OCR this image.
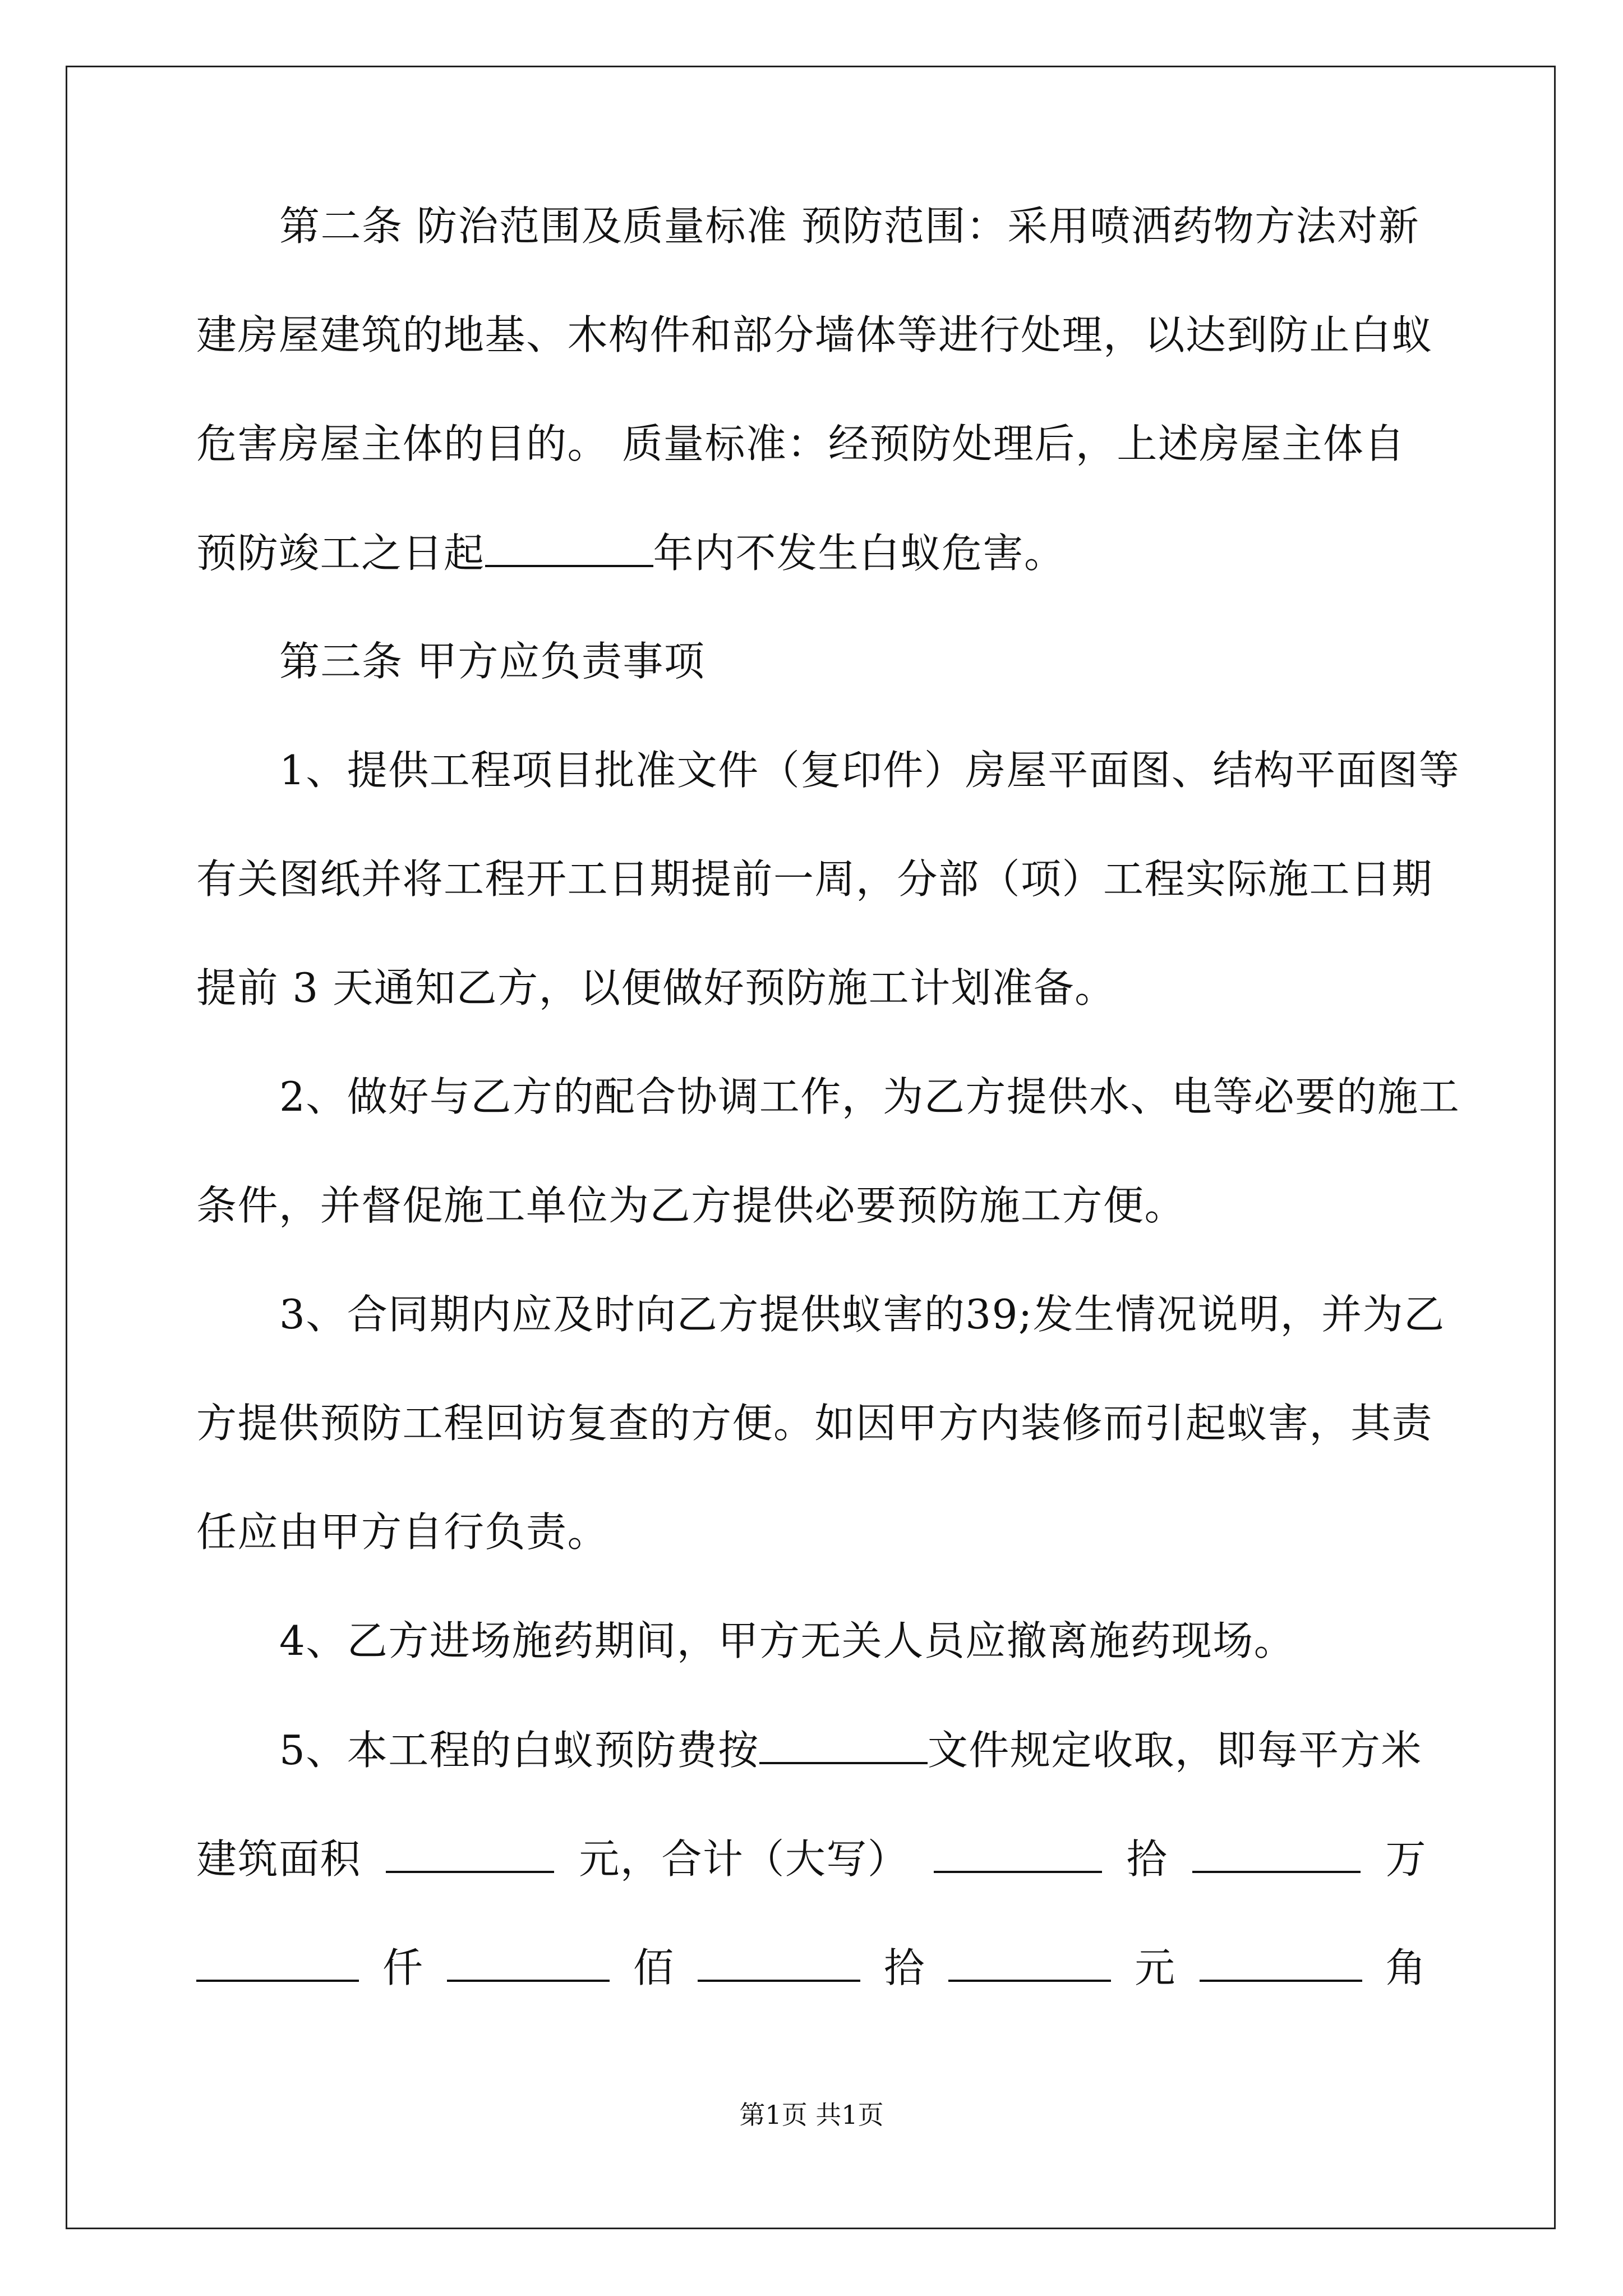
第二条 防治范围及质量标准 预防范围：采用喷洒药物方法对新
建房屋建筑的地基、木构件和部分墙体等进行处理，以达到防止白蚁
危害房屋主体的目的。 质量标准：经预防处理后，上述房屋主体自
预防竣工之日起	年内不发生白蚁危害。
第三条 甲方应负责事项
1、提供工程项目批准文件（复印件）房屋平面图、结构平面图等
有关图纸并将工程开工日期提前一周，分部（项）工程实际施工日期
提前 3 天通知乙方，以便做好预防施工计划准备。
2、做好与乙方的配合协调工作，为乙方提供水、电等必要的施工
条件，并督促施工单位为乙方提供必要预防施工方便。
3、合同期内应及时向乙方提供蚁害的39;发生情况说明，并为乙
方提供预防工程回访复查的方便。如因甲方内装修而引起蚁害，其责
任应由甲方自行负责。
4、乙方进场施药期间，甲方无关人员应撤离施药现场。
5、本工程的白蚁预防费按	文件规定收取，即每平方米
建筑面积	元，合计（大写）	拾	万
仟	佰	拾	元	角
第1页 共1页
